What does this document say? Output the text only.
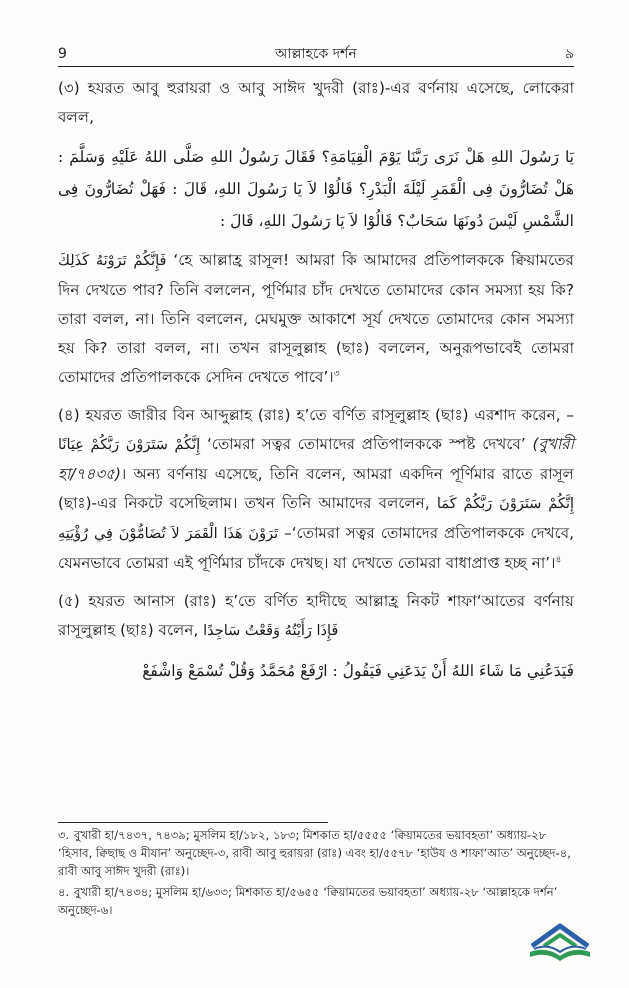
9	আল্লাহকে দর্শন	৯

(৩) হযরত আবু হুরায়রা ও আবু সাঈদ খুদরী (রাঃ)-এর বর্ণনায় এসেছে, লোকেরা বলল,

يَا رَسُولَ اللهِ هَلْ نَرَى رَبَّنَا يَوْمَ الْقِيَامَةِ؟ فَقَالَ رَسُولُ اللهِ صَلَّى اللهُ عَلَيْهِ وَسَلَّمَ : هَلْ تُضَارُّونَ فِى الْقَمَرِ لَيْلَةَ الْبَدْرِ؟ قَالُوْا لاَ يَا رَسُولَ اللهِ، قَالَ : فَهَلْ تُضَارُّونَ فِى الشَّمْسِ لَيْسَ دُونَهَا سَحَابٌ؟ قَالُوْا لاَ يَا رَسُولَ اللهِ، قَالَ :

فَإِنَّكُمْ تَرَوْنَهُ كَذَلِكَ ‘হে আল্লাহ্র রাসূল! আমরা কি আমাদের প্রতিপালককে ক্বিয়ামতের দিন দেখতে পাব? তিনি বললেন, পূর্ণিমার চাঁদ দেখতে তোমাদের কোন সমস্যা হয় কি? তারা বলল, না। তিনি বললেন, মেঘমুক্ত আকাশে সূর্য দেখতে তোমাদের কোন সমস্যা হয় কি? তারা বলল, না। তখন রাসূলুল্লাহ (ছাঃ) বললেন, অনুরূপভাবেই তোমরা তোমাদের প্রতিপালককে সেদিন দেখতে পাবে’।$^৩$

(৪) হযরত জারীর বিন আব্দুল্লাহ (রাঃ) হ’তে বর্ণিত রাসূলুল্লাহ (ছাঃ) এরশাদ করেন, – إِنَّكُمْ سَتَرَوْنَ رَبَّكُمْ عِيَانًا ‘তোমরা সত্বর তোমাদের প্রতিপালককে স্পষ্ট দেখবে’ (বুখারী হা/৭৪৩৫)। অন্য বর্ণনায় এসেছে, তিনি বলেন, আমরা একদিন পূর্ণিমার রাতে রাসূল (ছাঃ)-এর নিকটে বসেছিলাম। তখন তিনি আমাদের বললেন, إِنَّكُمْ سَتَرَوْنَ رَبَّكُمْ كَمَا تَرَوْنَ هَذَا الْقَمَرَ لاَ تُضَامُّوْنَ فِي رُؤْيَتِهِ –‘তোমরা সত্বর তোমাদের প্রতিপালককে দেখবে, যেমনভাবে তোমরা এই পূর্ণিমার চাঁদকে দেখছ। যা দেখতে তোমরা বাধাপ্রাপ্ত হচ্ছ না’।$^৪$

(৫) হযরত আনাস (রাঃ) হ’তে বর্ণিত হাদীছে আল্লাহ্র নিকট শাফা‘আতের বর্ণনায় রাসূলুল্লাহ (ছাঃ) বলেন, فَإِذَا رَأَيْتُهُ وَقَعْتُ سَاجِدًا

فَيَدَعُنِي مَا شَاءَ اللهُ أَنْ يَدَعَنِي فَيَقُولُ : ارْفَعْ مُحَمَّدُ وَقُلْ تُسْمَعْ وَاشْفَعْ

৩. বুখারী হা/৭৪৩৭, ৭৪৩৯; মুসলিম হা/১৮২, ১৮৩; মিশকাত হা/৫৫৫৫ ‘ক্বিয়ামতের ভয়াবহতা’ অধ্যায়-২৮ ‘হিসাব, ক্বিছাছ ও মীযান’ অনুচ্ছেদ-৩, রাবী আবু হুরায়রা (রাঃ) এবং হা/৫৫৭৮ ‘হাউয ও শাফা‘আত’ অনুচ্ছেদ-৪, রাবী আবু সাঈদ খুদরী (রাঃ)।

৪. বুখারী হা/৭৪৩৪; মুসলিম হা/৬৩৩; মিশকাত হা/৫৬৫৫ ‘ক্বিয়ামতের ভয়াবহতা’ অধ্যায়-২৮ ‘আল্লাহকে দর্শন’ অনুচ্ছেদ-৬।
